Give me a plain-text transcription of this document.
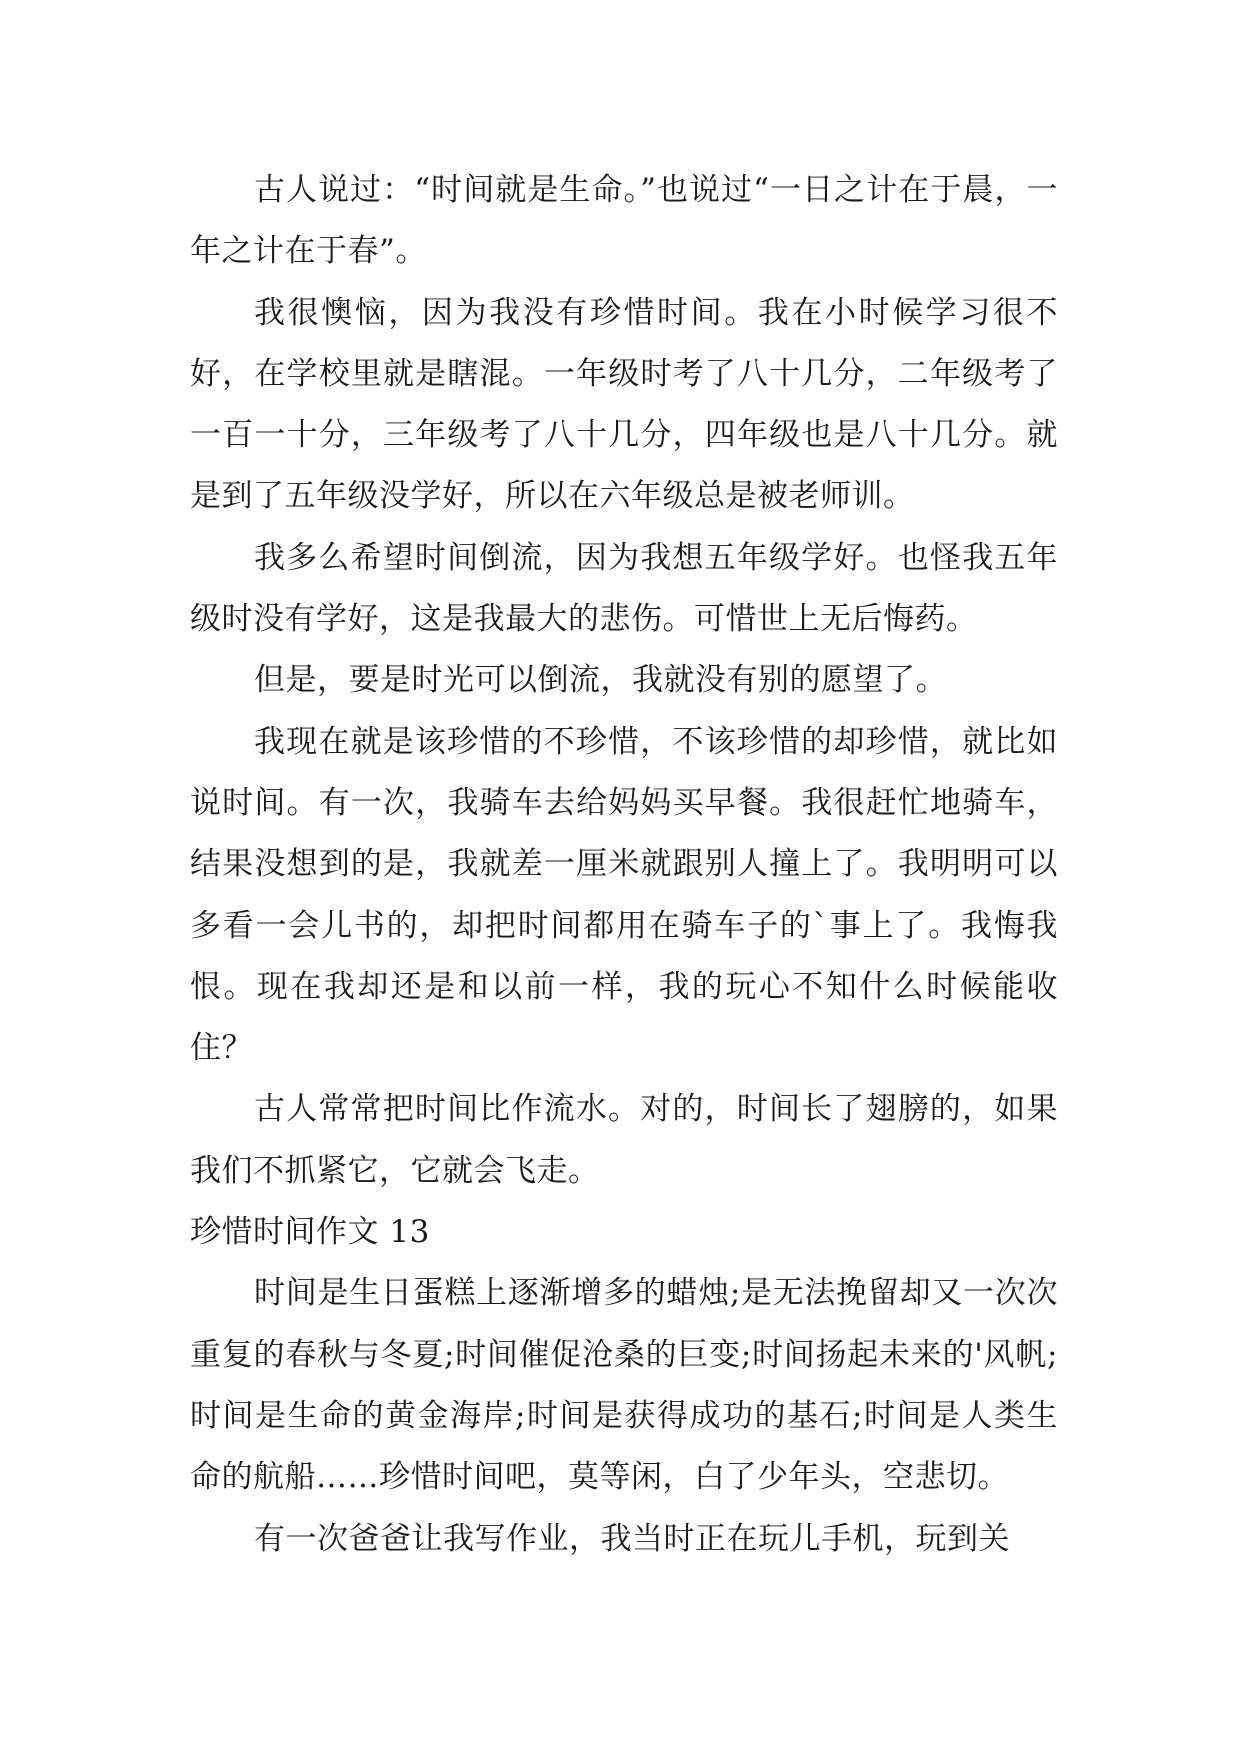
古人说过：“时间就是生命。”也说过“一日之计在于晨，一年之计在于春”。

我很懊恼，因为我没有珍惜时间。我在小时候学习很不好，在学校里就是瞎混。一年级时考了八十几分，二年级考了一百一十分，三年级考了八十几分，四年级也是八十几分。就是到了五年级没学好，所以在六年级总是被老师训。

我多么希望时间倒流，因为我想五年级学好。也怪我五年级时没有学好，这是我最大的悲伤。可惜世上无后悔药。

但是，要是时光可以倒流，我就没有别的愿望了。

我现在就是该珍惜的不珍惜，不该珍惜的却珍惜，就比如说时间。有一次，我骑车去给妈妈买早餐。我很赶忙地骑车，结果没想到的是，我就差一厘米就跟别人撞上了。我明明可以多看一会儿书的，却把时间都用在骑车子的`事上了。我悔我恨。现在我却还是和以前一样，我的玩心不知什么时候能收住？

古人常常把时间比作流水。对的，时间长了翅膀的，如果我们不抓紧它，它就会飞走。

珍惜时间作文 13

时间是生日蛋糕上逐渐增多的蜡烛;是无法挽留却又一次次重复的春秋与冬夏;时间催促沧桑的巨变;时间扬起未来的'风帆;时间是生命的黄金海岸;时间是获得成功的基石;时间是人类生命的航船……珍惜时间吧，莫等闲，白了少年头，空悲切。

有一次爸爸让我写作业，我当时正在玩儿手机，玩到关
